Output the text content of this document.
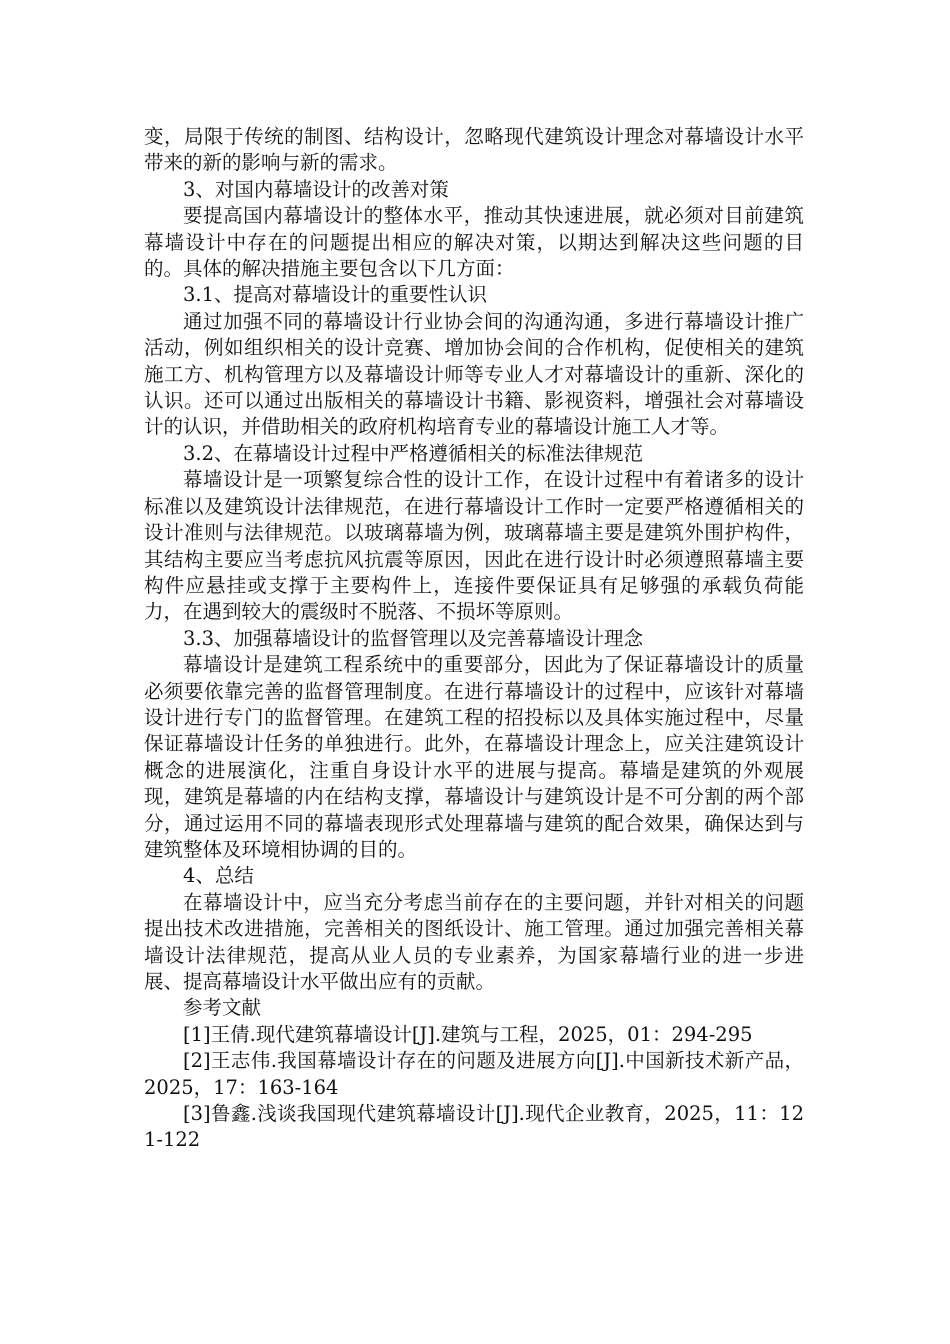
变，局限于传统的制图、结构设计，忽略现代建筑设计理念对幕墙设计水平带来的新的影响与新的需求。

3、对国内幕墙设计的改善对策

要提高国内幕墙设计的整体水平，推动其快速进展，就必须对目前建筑幕墙设计中存在的问题提出相应的解决对策，以期达到解决这些问题的目的。具体的解决措施主要包含以下几方面：

3.1、提高对幕墙设计的重要性认识

通过加强不同的幕墙设计行业协会间的沟通沟通，多进行幕墙设计推广活动，例如组织相关的设计竞赛、增加协会间的合作机构，促使相关的建筑施工方、机构管理方以及幕墙设计师等专业人才对幕墙设计的重新、深化的认识。还可以通过出版相关的幕墙设计书籍、影视资料，增强社会对幕墙设计的认识，并借助相关的政府机构培育专业的幕墙设计施工人才等。

3.2、在幕墙设计过程中严格遵循相关的标准法律规范

幕墙设计是一项繁复综合性的设计工作，在设计过程中有着诸多的设计标准以及建筑设计法律规范，在进行幕墙设计工作时一定要严格遵循相关的设计准则与法律规范。以玻璃幕墙为例，玻璃幕墙主要是建筑外围护构件，其结构主要应当考虑抗风抗震等原因，因此在进行设计时必须遵照幕墙主要构件应悬挂或支撑于主要构件上，连接件要保证具有足够强的承载负荷能力，在遇到较大的震级时不脱落、不损坏等原则。

3.3、加强幕墙设计的监督管理以及完善幕墙设计理念

幕墙设计是建筑工程系统中的重要部分，因此为了保证幕墙设计的质量必须要依靠完善的监督管理制度。在进行幕墙设计的过程中，应该针对幕墙设计进行专门的监督管理。在建筑工程的招投标以及具体实施过程中，尽量保证幕墙设计任务的单独进行。此外，在幕墙设计理念上，应关注建筑设计概念的进展演化，注重自身设计水平的进展与提高。幕墙是建筑的外观展现，建筑是幕墙的内在结构支撑，幕墙设计与建筑设计是不可分割的两个部分，通过运用不同的幕墙表现形式处理幕墙与建筑的配合效果，确保达到与建筑整体及环境相协调的目的。

4、总结

在幕墙设计中，应当充分考虑当前存在的主要问题，并针对相关的问题提出技术改进措施，完善相关的图纸设计、施工管理。通过加强完善相关幕墙设计法律规范，提高从业人员的专业素养，为国家幕墙行业的进一步进展、提高幕墙设计水平做出应有的贡献。

参考文献

[1]王倩.现代建筑幕墙设计[J].建筑与工程，2025，01：294-295

[2]王志伟.我国幕墙设计存在的问题及进展方向[J].中国新技术新产品，2025，17：163-164

[3]鲁鑫.浅谈我国现代建筑幕墙设计[J].现代企业教育，2025，11：121-122
